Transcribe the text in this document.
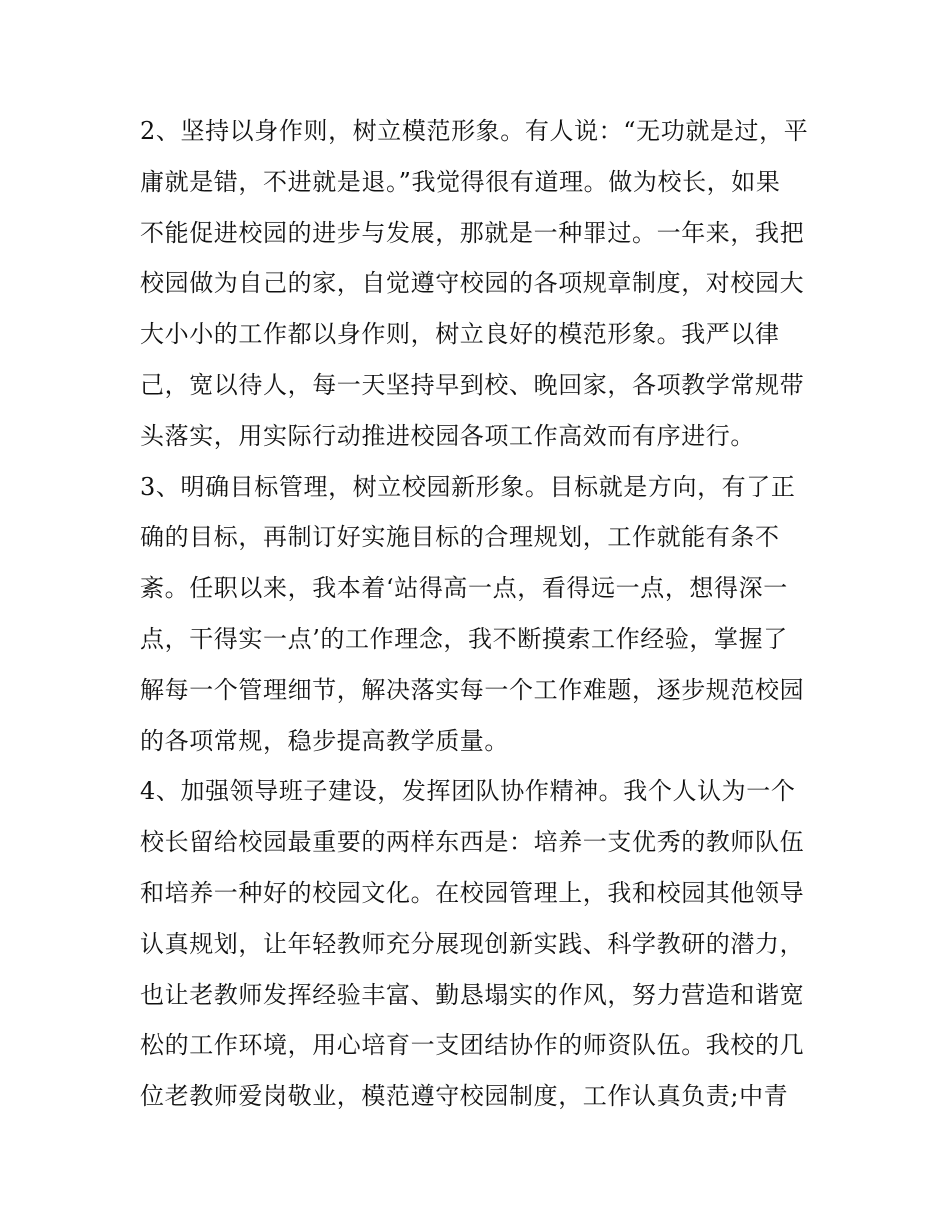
2、坚持以身作则，树立模范形象。有人说：“无功就是过，平
庸就是错，不进就是退。”我觉得很有道理。做为校长，如果
不能促进校园的进步与发展，那就是一种罪过。一年来，我把
校园做为自己的家，自觉遵守校园的各项规章制度，对校园大
大小小的工作都以身作则，树立良好的模范形象。我严以律
己，宽以待人，每一天坚持早到校、晚回家，各项教学常规带
头落实，用实际行动推进校园各项工作高效而有序进行。
3、明确目标管理，树立校园新形象。目标就是方向，有了正
确的目标，再制订好实施目标的合理规划，工作就能有条不
紊。任职以来，我本着‘站得高一点，看得远一点，想得深一
点，干得实一点’的工作理念，我不断摸索工作经验，掌握了
解每一个管理细节，解决落实每一个工作难题，逐步规范校园
的各项常规，稳步提高教学质量。
4、加强领导班子建设，发挥团队协作精神。我个人认为一个
校长留给校园最重要的两样东西是：培养一支优秀的教师队伍
和培养一种好的校园文化。在校园管理上，我和校园其他领导
认真规划，让年轻教师充分展现创新实践、科学教研的潜力，
也让老教师发挥经验丰富、勤恳塌实的作风，努力营造和谐宽
松的工作环境，用心培育一支团结协作的师资队伍。我校的几
位老教师爱岗敬业，模范遵守校园制度，工作认真负责;中青
